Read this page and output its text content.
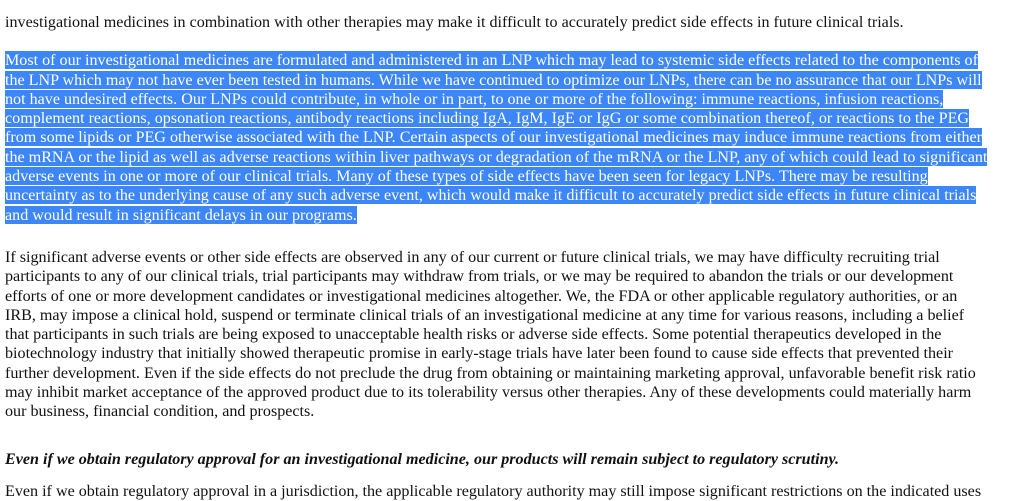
investigational medicines in combination with other therapies may make it difficult to accurately predict side effects in future clinical trials.

Most of our investigational medicines are formulated and administered in an LNP which may lead to systemic side effects related to the components of
the LNP which may not have ever been tested in humans. While we have continued to optimize our LNPs, there can be no assurance that our LNPs will
not have undesired effects. Our LNPs could contribute, in whole or in part, to one or more of the following: immune reactions, infusion reactions,
complement reactions, opsonation reactions, antibody reactions including IgA, IgM, IgE or IgG or some combination thereof, or reactions to the PEG
from some lipids or PEG otherwise associated with the LNP. Certain aspects of our investigational medicines may induce immune reactions from either
the mRNA or the lipid as well as adverse reactions within liver pathways or degradation of the mRNA or the LNP, any of which could lead to significant
adverse events in one or more of our clinical trials. Many of these types of side effects have been seen for legacy LNPs. There may be resulting
uncertainty as to the underlying cause of any such adverse event, which would make it difficult to accurately predict side effects in future clinical trials
and would result in significant delays in our programs.

If significant adverse events or other side effects are observed in any of our current or future clinical trials, we may have difficulty recruiting trial
participants to any of our clinical trials, trial participants may withdraw from trials, or we may be required to abandon the trials or our development
efforts of one or more development candidates or investigational medicines altogether. We, the FDA or other applicable regulatory authorities, or an
IRB, may impose a clinical hold, suspend or terminate clinical trials of an investigational medicine at any time for various reasons, including a belief
that participants in such trials are being exposed to unacceptable health risks or adverse side effects. Some potential therapeutics developed in the
biotechnology industry that initially showed therapeutic promise in early-stage trials have later been found to cause side effects that prevented their
further development. Even if the side effects do not preclude the drug from obtaining or maintaining marketing approval, unfavorable benefit risk ratio
may inhibit market acceptance of the approved product due to its tolerability versus other therapies. Any of these developments could materially harm
our business, financial condition, and prospects.

Even if we obtain regulatory approval for an investigational medicine, our products will remain subject to regulatory scrutiny.

Even if we obtain regulatory approval in a jurisdiction, the applicable regulatory authority may still impose significant restrictions on the indicated uses
